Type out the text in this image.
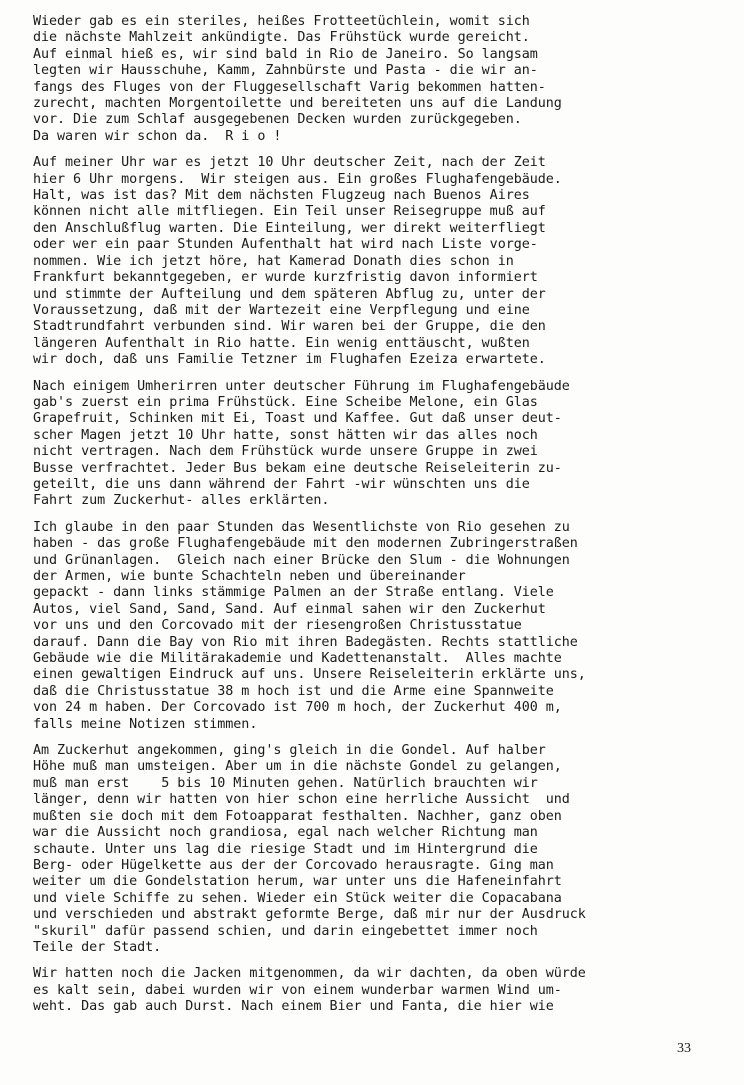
Wieder gab es ein steriles, heißes Frotteetüchlein, womit sich
die nächste Mahlzeit ankündigte. Das Frühstück wurde gereicht.
Auf einmal hieß es, wir sind bald in Rio de Janeiro. So langsam
legten wir Hausschuhe, Kamm, Zahnbürste und Pasta - die wir an-
fangs des Fluges von der Fluggesellschaft Varig bekommen hatten-
zurecht, machten Morgentoilette und bereiteten uns auf die Landung
vor. Die zum Schlaf ausgegebenen Decken wurden zurückgegeben.
Da waren wir schon da.  R i o !
Auf meiner Uhr war es jetzt 10 Uhr deutscher Zeit, nach der Zeit
hier 6 Uhr morgens.  Wir steigen aus. Ein großes Flughafengebäude.
Halt, was ist das? Mit dem nächsten Flugzeug nach Buenos Aires
können nicht alle mitfliegen. Ein Teil unser Reisegruppe muß auf
den Anschlußflug warten. Die Einteilung, wer direkt weiterfliegt
oder wer ein paar Stunden Aufenthalt hat wird nach Liste vorge-
nommen. Wie ich jetzt höre, hat Kamerad Donath dies schon in
Frankfurt bekanntgegeben, er wurde kurzfristig davon informiert
und stimmte der Aufteilung und dem späteren Abflug zu, unter der
Voraussetzung, daß mit der Wartezeit eine Verpflegung und eine
Stadtrundfahrt verbunden sind. Wir waren bei der Gruppe, die den
längeren Aufenthalt in Rio hatte. Ein wenig enttäuscht, wußten
wir doch, daß uns Familie Tetzner im Flughafen Ezeiza erwartete.
Nach einigem Umherirren unter deutscher Führung im Flughafengebäude
gab's zuerst ein prima Frühstück. Eine Scheibe Melone, ein Glas
Grapefruit, Schinken mit Ei, Toast und Kaffee. Gut daß unser deut-
scher Magen jetzt 10 Uhr hatte, sonst hätten wir das alles noch
nicht vertragen. Nach dem Frühstück wurde unsere Gruppe in zwei
Busse verfrachtet. Jeder Bus bekam eine deutsche Reiseleiterin zu-
geteilt, die uns dann während der Fahrt -wir wünschten uns die
Fahrt zum Zuckerhut- alles erklärten.
Ich glaube in den paar Stunden das Wesentlichste von Rio gesehen zu
haben - das große Flughafengebäude mit den modernen Zubringerstraßen
und Grünanlagen.  Gleich nach einer Brücke den Slum - die Wohnungen
der Armen, wie bunte Schachteln neben und übereinander
gepackt - dann links stämmige Palmen an der Straße entlang. Viele
Autos, viel Sand, Sand, Sand. Auf einmal sahen wir den Zuckerhut
vor uns und den Corcovado mit der riesengroßen Christusstatue
darauf. Dann die Bay von Rio mit ihren Badegästen. Rechts stattliche
Gebäude wie die Militärakademie und Kadettenanstalt.  Alles machte
einen gewaltigen Eindruck auf uns. Unsere Reiseleiterin erklärte uns,
daß die Christusstatue 38 m hoch ist und die Arme eine Spannweite
von 24 m haben. Der Corcovado ist 700 m hoch, der Zuckerhut 400 m,
falls meine Notizen stimmen.
Am Zuckerhut angekommen, ging's gleich in die Gondel. Auf halber
Höhe muß man umsteigen. Aber um in die nächste Gondel zu gelangen,
muß man erst    5 bis 10 Minuten gehen. Natürlich brauchten wir
länger, denn wir hatten von hier schon eine herrliche Aussicht  und
mußten sie doch mit dem Fotoapparat festhalten. Nachher, ganz oben
war die Aussicht noch grandiosa, egal nach welcher Richtung man
schaute. Unter uns lag die riesige Stadt und im Hintergrund die
Berg- oder Hügelkette aus der der Corcovado herausragte. Ging man
weiter um die Gondelstation herum, war unter uns die Hafeneinfahrt
und viele Schiffe zu sehen. Wieder ein Stück weiter die Copacabana
und verschieden und abstrakt geformte Berge, daß mir nur der Ausdruck
"skuril" dafür passend schien, und darin eingebettet immer noch
Teile der Stadt.
Wir hatten noch die Jacken mitgenommen, da wir dachten, da oben würde
es kalt sein, dabei wurden wir von einem wunderbar warmen Wind um-
weht. Das gab auch Durst. Nach einem Bier und Fanta, die hier wie
33
